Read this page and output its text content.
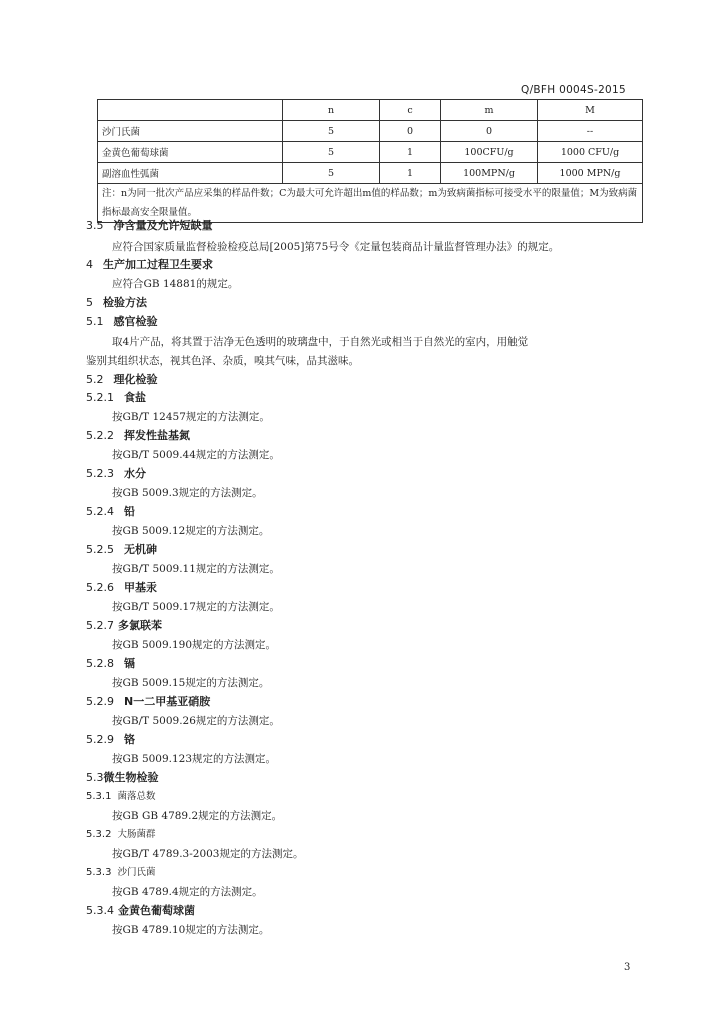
Q/BFH 0004S-2015
	n	c	m	M
沙门氏菌	5	0	0	--
金黄色葡萄球菌	5	1	100CFU/g	1000 CFU/g
副溶血性弧菌	5	1	100MPN/g	1000 MPN/g
注：n为同一批次产品应采集的样品件数；C为最大可允许超出m值的样品数；m为致病菌指标可接受水平的限量值；M为致病菌指标最高安全限量值。				
3.5 净含量及允许短缺量
应符合国家质量监督检验检疫总局[2005]第75号令《定量包装商品计量监督管理办法》的规定。
4 生产加工过程卫生要求
应符合GB 14881的规定。
5 检验方法
5.1 感官检验
取4片产品，将其置于洁净无色透明的玻璃盘中，于自然光或相当于自然光的室内，用触觉
鉴别其组织状态，视其色泽、杂质，嗅其气味，品其滋味。
5.2 理化检验
5.2.1 食盐
按GB/T 12457规定的方法测定。
5.2.2 挥发性盐基氮
按GB/T 5009.44规定的方法测定。
5.2.3 水分
按GB 5009.3规定的方法测定。
5.2.4 铅
按GB 5009.12规定的方法测定。
5.2.5 无机砷
按GB/T 5009.11规定的方法测定。
5.2.6 甲基汞
按GB/T 5009.17规定的方法测定。
5.2.7 多氯联苯
按GB 5009.190规定的方法测定。
5.2.8 镉
按GB 5009.15规定的方法测定。
5.2.9 N一二甲基亚硝胺
按GB/T 5009.26规定的方法测定。
5.2.9 铬
按GB 5009.123规定的方法测定。
5.3微生物检验
5.3.1 菌落总数
按GB GB 4789.2规定的方法测定。
5.3.2 大肠菌群
按GB/T 4789.3-2003规定的方法测定。
5.3.3 沙门氏菌
按GB 4789.4规定的方法测定。
5.3.4 金黄色葡萄球菌
按GB 4789.10规定的方法测定。
3
